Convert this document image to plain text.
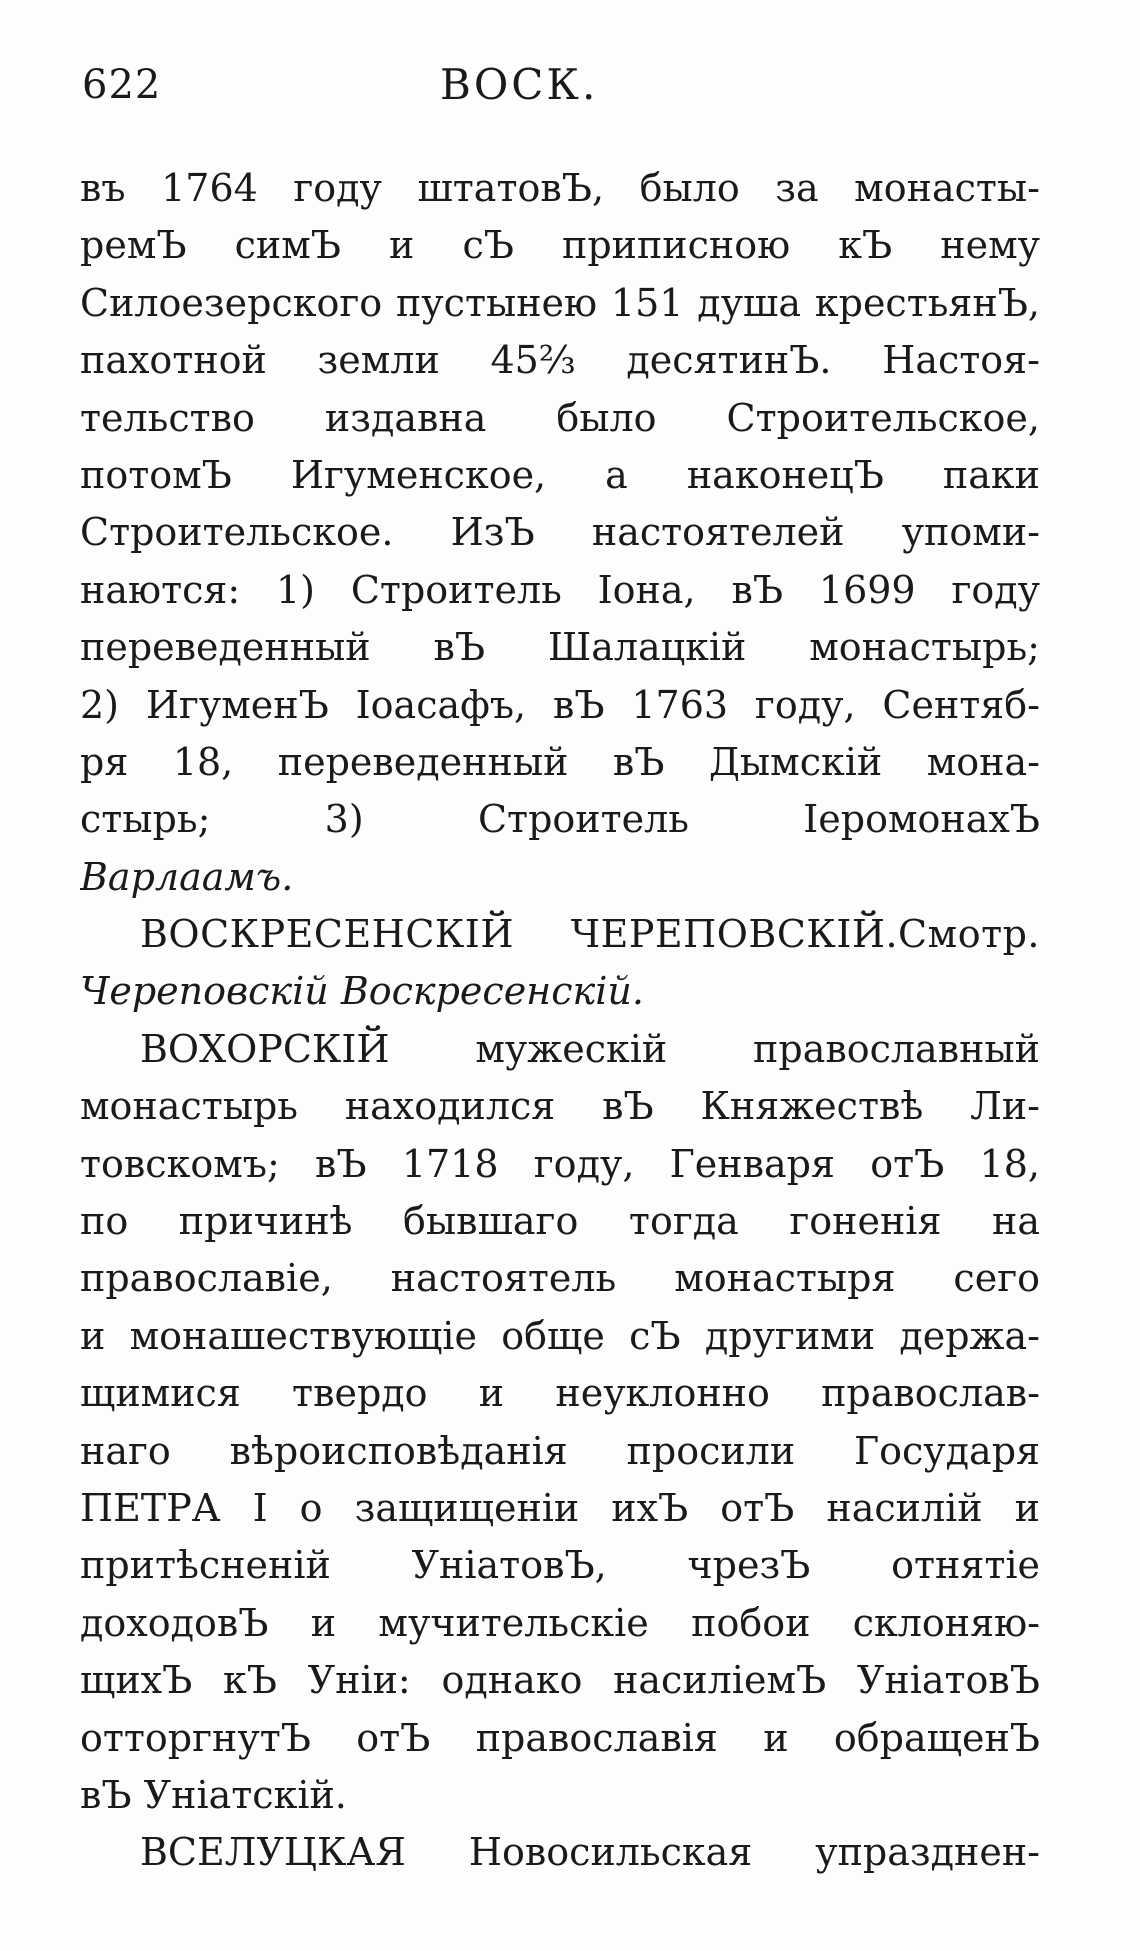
622	ВОСК.
въ 1764 году штатовЪ, было за монасты-
ремЪ симЪ и сЪ приписною кЪ нему
Силоезерского пустынею 151 душа крестьянЪ,
пахотной земли 45⅔ десятинЪ. Настоя-
тельство издавна было Строительское,
потомЪ Игуменское, а наконецЪ паки
Строительское. ИзЪ настоятелей упоми-
наются: 1) Строитель Iона, вЪ 1699 году
переведенный вЪ Шалацкiй монастырь;
2) ИгуменЪ Iоасафъ, вЪ 1763 году, Сентяб-
ря 18, переведенный вЪ Дымскiй мона-
стырь; 3) Строитель IеромонахЪ
Варлаамъ.
ВОСКРЕСЕНСКIЙ ЧЕРЕПОВСКIЙ.Смотр.
Череповскiй Воскресенскiй.
ВОХОРСКIЙ мужескiй православный
монастырь находился вЪ Княжествѣ Ли-
товскомъ; вЪ 1718 году, Генваря отЪ 18,
по причинѣ бывшаго тогда гоненiя на
православiе, настоятель монастыря сего
и монашествующiе обще сЪ другими держа-
щимися твердо и неуклонно православ-
наго вѣроисповѣданiя просили Государя
ПЕТРА I о защищенiи ихЪ отЪ насилiй и
притѣсненiй УнiатовЪ, чрезЪ отнятiе
доходовЪ и мучительскiе побои склоняю-
щихЪ кЪ Унiи: однако насилiемЪ УнiатовЪ
отторгнутЪ отЪ православiя и обращенЪ
вЪ Унiатскiй.
ВСЕЛУЦКАЯ Новосильская упразднен-
